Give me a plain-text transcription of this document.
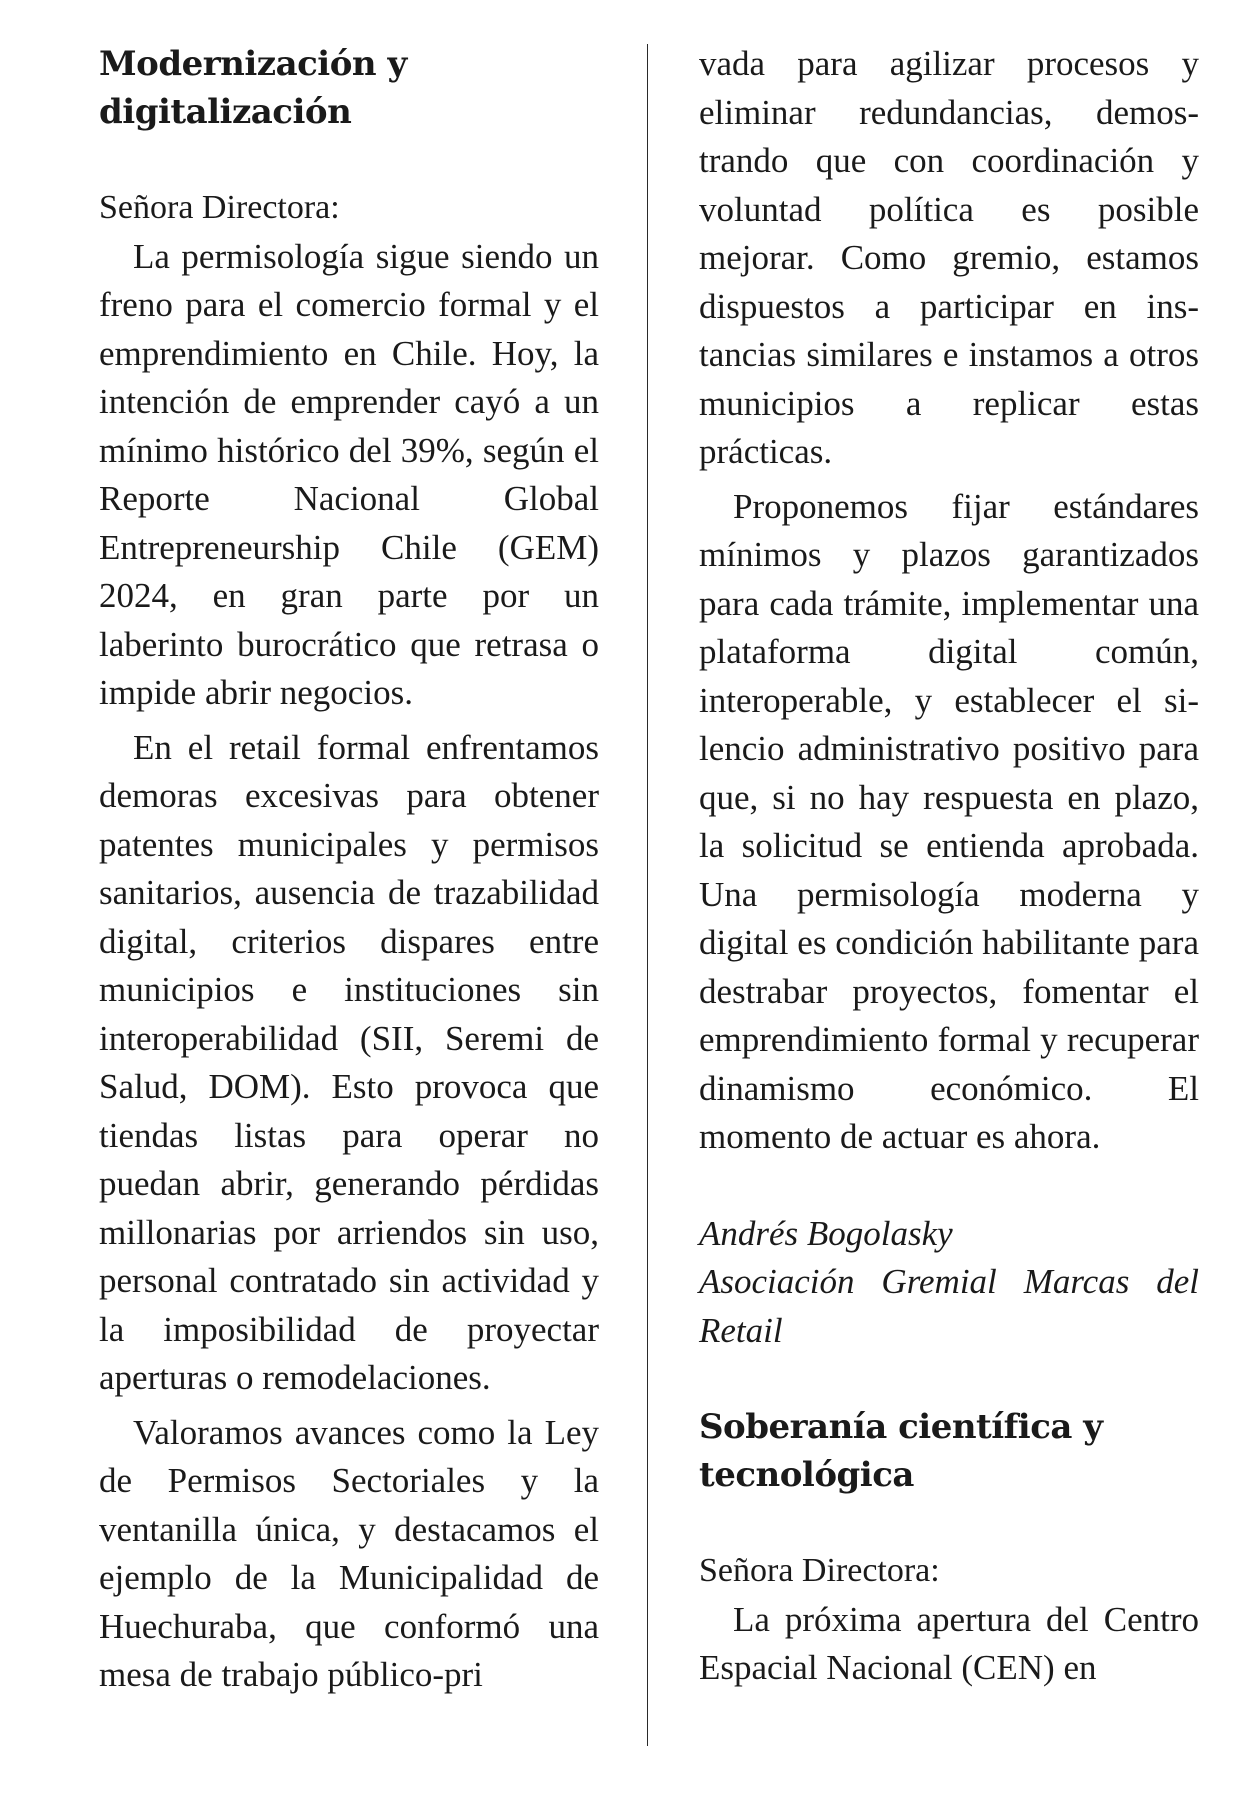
Modernización y digitalización
Señora Directora:

La permisología sigue siendo un freno para el comercio formal y el emprendimiento en Chile. Hoy, la intención de emprender cayó a un mínimo histórico del 39%, según el Reporte Nacional Global Entrepreneurship Chile (GEM) 2024, en gran parte por un laberinto burocrático que retrasa o impide abrir negocios.

En el retail formal enfrentamos demoras excesivas para obtener patentes municipales y permisos sanitarios, ausencia de trazabilidad digital, criterios dispares entre municipios e instituciones sin interoperabilidad (SII, Seremi de Salud, DOM). Esto provoca que tiendas listas para operar no puedan abrir, generando pérdidas millonarias por arriendos sin uso, personal contratado sin actividad y la imposibilidad de proyectar aperturas o remodelaciones.

Valoramos avances como la Ley de Permisos Sectoriales y la ventanilla única, y destacamos el ejemplo de la Municipalidad de Huechuraba, que conformó una mesa de trabajo público-pri

vada para agilizar procesos y eliminar redundancias, demostrando que con coordinación y voluntad política es posible mejorar. Como gremio, estamos dispuestos a participar en instancias similares e instamos a otros municipios a replicar estas prácticas.

Proponemos fijar estándares mínimos y plazos garantizados para cada trámite, implementar una plataforma digital común, interoperable, y establecer el silencio administrativo positivo para que, si no hay respuesta en plazo, la solicitud se entienda aprobada. Una permisología moderna y digital es condición habilitante para destrabar proyectos, fomentar el emprendimiento formal y recuperar dinamismo económico. El momento de actuar es ahora.

Andrés Bogolasky
Asociación Gremial Marcas del Retail
Soberanía científica y tecnológica
Señora Directora:

La próxima apertura del Centro Espacial Nacional (CEN) en
